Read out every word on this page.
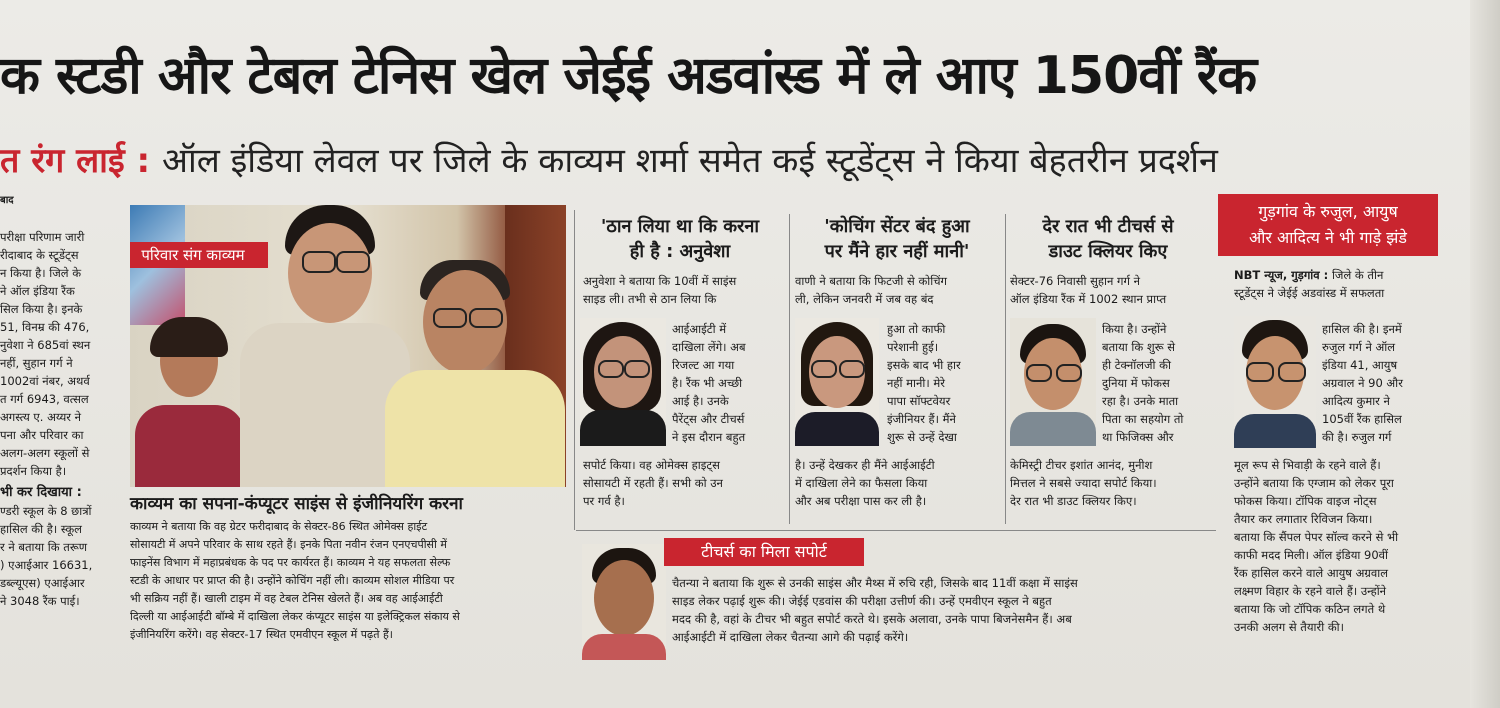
क स्टडी और टेबल टेनिस खेल जेईई अडवांस्ड में ले आए 150वीं रैंक
त रंग लाई : ऑल इंडिया लेवल पर जिले के काव्यम शर्मा समेत कई स्टूडेंट्स ने किया बेहतरीन प्रदर्शन

बाद

परीक्षा परिणाम जारी

रीदाबाद के स्टूडेंट्स

न किया है। जिले के

ने ऑल इंडिया रैंक

सिल किया है। इनके

51, विनम्र की 476,

नुवेशा ने 685वां स्थन

नहीं, सुहान गर्ग ने

1002वां नंबर, अथर्व

त गर्ग 6943, वत्सल

अगस्त्य ए. अय्यर ने

पना और परिवार का

अलग-अलग स्कूलों से

प्रदर्शन किया है।

भी कर दिखाया :

ण्डरी स्कूल के 8 छात्रों

हासिल की है। स्कूल

र ने बताया कि तरूण

) एआईआर 16631,

डब्ल्यूएस) एआईआर

ने 3048 रैंक पाई।

परिवार संग काव्यम
काव्यम का सपना-कंप्यूटर साइंस से इंजीनियरिंग करना

काव्यम ने बताया कि वह ग्रेटर फरीदाबाद के सेक्टर-86 स्थित ओमेक्स हाईट

सोसायटी में अपने परिवार के साथ रहते हैं। इनके पिता नवीन रंजन एनएचपीसी में

फाइनेंस विभाग में महाप्रबंधक के पद पर कार्यरत हैं। काव्यम ने यह सफलता सेल्फ

स्टडी के आधार पर प्राप्त की है। उन्होंने कोचिंग नहीं ली। काव्यम सोशल मीडिया पर

भी सक्रिय नहीं हैं। खाली टाइम में वह टेबल टेनिस खेलते हैं। अब वह आईआईटी

दिल्ली या आईआईटी बॉम्बे में दाखिला लेकर कंप्यूटर साइंस या इलेक्ट्रिकल संकाय से

इंजीनियरिंग करेंगे। वह सेक्टर-17 स्थित एमवीएन स्कूल में पढ़ते हैं।

'ठान लिया था कि करना
ही है : अनुवेशा

अनुवेशा ने बताया कि 10वीं में साइंस

साइड ली। तभी से ठान लिया कि

आईआईटी में

दाखिला लेंगे। अब

रिजल्ट आ गया

है। रैंक भी अच्छी

आई है। उनके

पैरेंट्स और टीचर्स

ने इस दौरान बहुत

सपोर्ट किया। वह ओमेक्स हाइट्स

सोसायटी में रहती हैं। सभी को उन

पर गर्व है।

'कोचिंग सेंटर बंद हुआ
पर मैंने हार नहीं मानी'

वाणी ने बताया कि फिटजी से कोचिंग

ली, लेकिन जनवरी में जब वह बंद

हुआ तो काफी

परेशानी हुई।

इसके बाद भी हार

नहीं मानी। मेरे

पापा सॉफ्टवेयर

इंजीनियर हैं। मैंने

शुरू से उन्हें देखा

है। उन्हें देखकर ही मैंने आईआईटी

में दाखिला लेने का फैसला किया

और अब परीक्षा पास कर ली है।

देर रात भी टीचर्स से
डाउट क्लियर किए

सेक्टर-76 निवासी सुहान गर्ग ने

ऑल इंडिया रैंक में 1002 स्थान प्राप्त

किया है। उन्होंने

बताया कि शुरू से

ही टेक्नॉलजी की

दुनिया में फोकस

रहा है। उनके माता

पिता का सहयोग तो

था फिजिक्स और

केमिस्ट्री टीचर इशांत आनंद, मुनीश

मित्तल ने सबसे ज्यादा सपोर्ट किया।

देर रात भी डाउट क्लियर किए।

गुड़गांव के रुजुल, आयुष
और आदित्य ने भी गाड़े झंडे

NBT न्यूज, गुड़गांव : जिले के तीन

स्टूडेंट्स ने जेईई अडवांस्ड में सफलता

हासिल की है। इनमें

रुजुल गर्ग ने ऑल

इंडिया 41, आयुष

अग्रवाल ने 90 और

आदित्य कुमार ने

105वीं रैंक हासिल

की है। रुजुल गर्ग

मूल रूप से भिवाड़ी के रहने वाले हैं।

उन्होंने बताया कि एग्जाम को लेकर पूरा

फोकस किया। टॉपिक वाइज नोट्स

तैयार कर लगातार रिविजन किया।

बताया कि सैंपल पेपर सॉल्व करने से भी

काफी मदद मिली। ऑल इंडिया 90वीं

रैंक हासिल करने वाले आयुष अग्रवाल

लक्ष्मण विहार के रहने वाले हैं। उन्होंने

बताया कि जो टॉपिक कठिन लगते थे

उनकी अलग से तैयारी की।

टीचर्स का मिला सपोर्ट

चैतन्या ने बताया कि शुरू से उनकी साइंस और मैथ्स में रुचि रही, जिसके बाद 11वीं कक्षा में साइंस

साइड लेकर पढ़ाई शुरू की। जेईई एडवांस की परीक्षा उत्तीर्ण की। उन्हें एमवीएन स्कूल ने बहुत

मदद की है, वहां के टीचर भी बहुत सपोर्ट करते थे। इसके अलावा, उनके पापा बिजनेसमैन हैं। अब

आईआईटी में दाखिला लेकर चैतन्या आगे की पढ़ाई करेंगे।
